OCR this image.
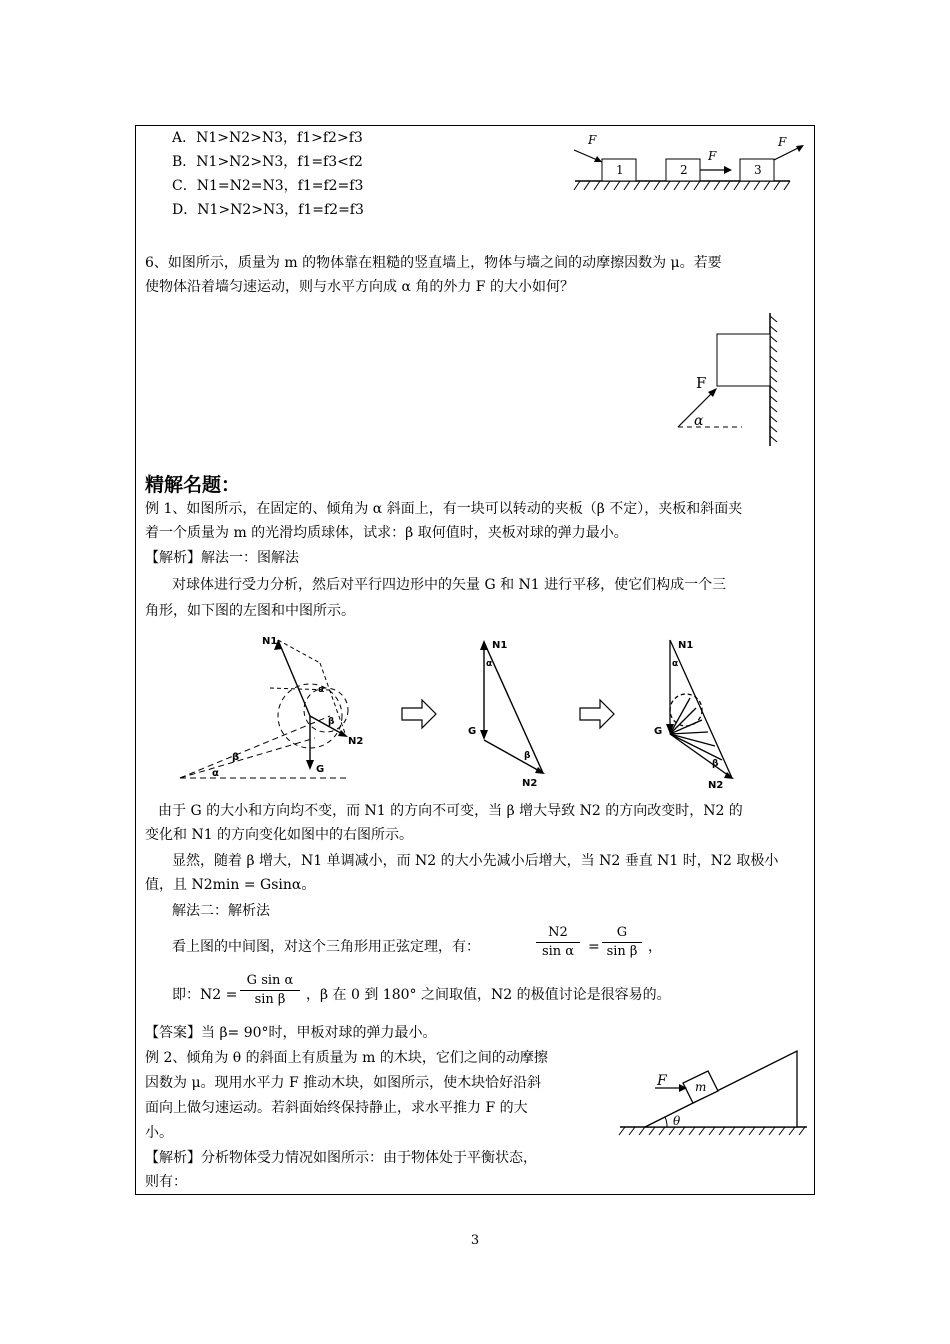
A．N1>N2>N3，f1>f2>f3
B．N1>N2>N3，f1=f3<f2
C．N1=N2=N3，f1=f2=f3
D．N1>N2>N3，f1=f2=f3
1	2	3
F
F
F
6、如图所示，质量为 m 的物体靠在粗糙的竖直墙上，物体与墙之间的动摩擦因数为 μ。若要
使物体沿着墙匀速运动，则与水平方向成 α 角的外力 F 的大小如何？
F
α
精解名题：
例 1、如图所示，在固定的、倾角为 α 斜面上，有一块可以转动的夹板（β 不定），夹板和斜面夹
着一个质量为 m 的光滑均质球体，试求：β 取何值时，夹板对球的弹力最小。
【解析】解法一：图解法
对球体进行受力分析，然后对平行四边形中的矢量 G 和 N1 进行平移，使它们构成一个三
角形，如下图的左图和中图所示。
N1
G
N2
α
β
α
β
N1
G
N2
α
β
N1
G
N2
α
β
由于 G 的大小和方向均不变，而 N1 的方向不可变，当 β 增大导致 N2 的方向改变时，N2 的
变化和 N1 的方向变化如图中的右图所示。
显然，随着 β 增大，N1 单调减小，而 N2 的大小先减小后增大，当 N2 垂直 N1 时，N2 取极小
值，且 N2min = Gsinα。
解法二：解析法
看上图的中间图，对这个三角形用正弦定理，有：	$\frac{N2}{\text{sin α}} = \frac{G}{\text{sin β}}$ ，
即：$N2 = \frac{\text{G sin α}}{\text{sin β}}$ ，β 在 0 到 180° 之间取值，N2 的极值讨论是很容易的。
【答案】当 β= 90°时，甲板对球的弹力最小。
例 2、倾角为 θ 的斜面上有质量为 m 的木块，它们之间的动摩擦
因数为 μ。现用水平力 F 推动木块，如图所示，使木块恰好沿斜
面向上做匀速运动。若斜面始终保持静止，求水平推力 F 的大
小。
【解析】分析物体受力情况如图所示：由于物体处于平衡状态，
则有：
F m
θ
3
